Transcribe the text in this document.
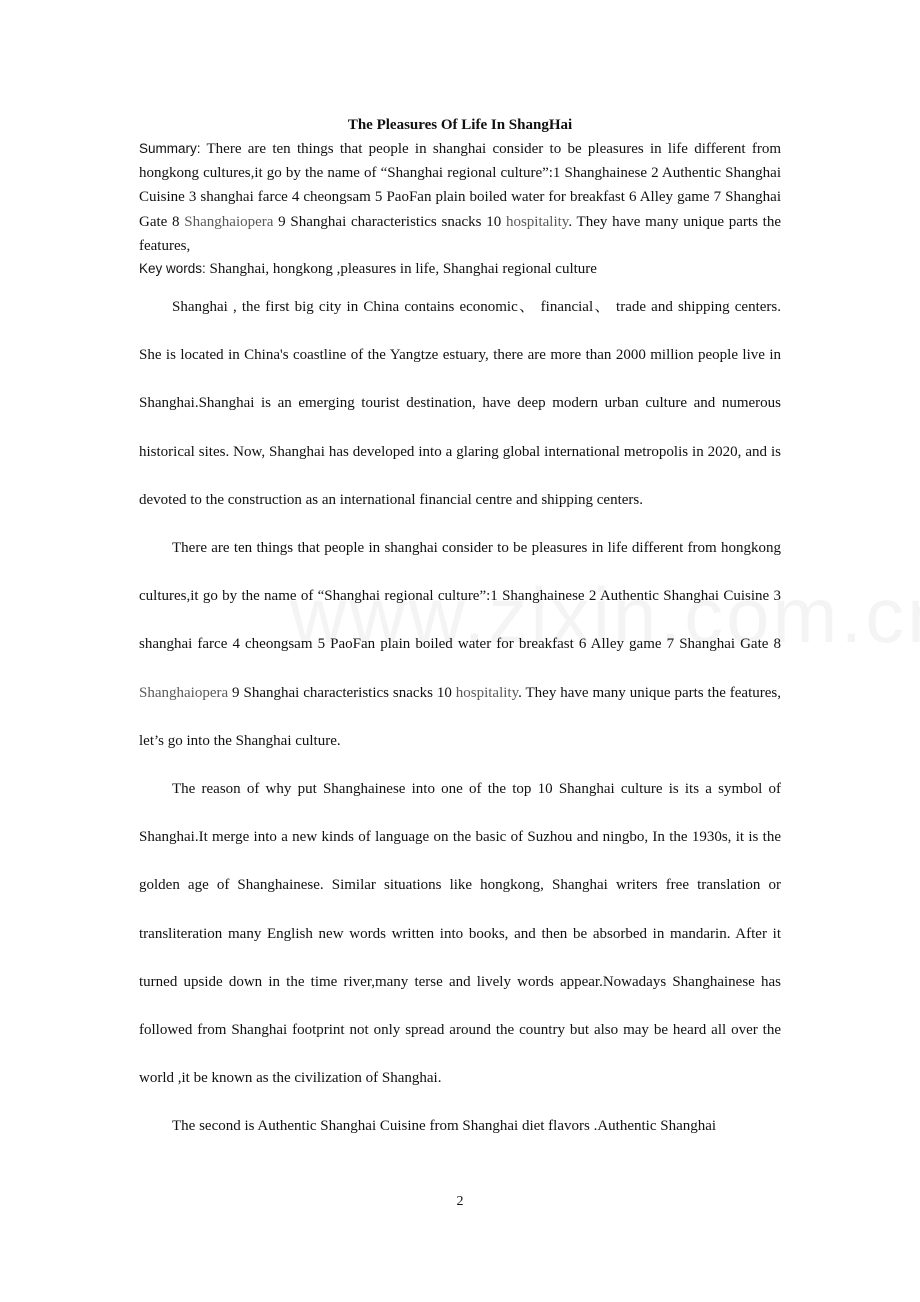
The Pleasures Of Life In ShangHai
Summary: There are ten things that people in shanghai consider to be pleasures in life different from hongkong cultures,it go by the name of “Shanghai regional culture”:1 Shanghainese 2 Authentic Shanghai Cuisine 3 shanghai farce 4 cheongsam 5 PaoFan plain boiled water for breakfast 6 Alley game 7 Shanghai Gate 8 Shanghaiopera 9 Shanghai characteristics snacks 10 hospitality. They have many unique parts the features,
Key words: Shanghai, hongkong ,pleasures in life, Shanghai regional culture

Shanghai , the first big city in China contains economic、 financial、 trade and shipping centers. She is located in China's coastline of the Yangtze estuary, there are more than 2000 million people live in Shanghai.Shanghai is an emerging tourist destination, have deep modern urban culture and numerous historical sites. Now, Shanghai has developed into a glaring global international metropolis in 2020, and is devoted to the construction as an international financial centre and shipping centers.

There are ten things that people in shanghai consider to be pleasures in life different from hongkong cultures,it go by the name of “Shanghai regional culture”:1 Shanghainese 2 Authentic Shanghai Cuisine 3 shanghai farce 4 cheongsam 5 PaoFan plain boiled water for breakfast 6 Alley game 7 Shanghai Gate 8 Shanghaiopera 9 Shanghai characteristics snacks 10 hospitality. They have many unique parts the features, let’s go into the Shanghai culture.

The reason of why put Shanghainese into one of the top 10 Shanghai culture is its a symbol of Shanghai.It merge into a new kinds of language on the basic of Suzhou and ningbo, In the 1930s, it is the golden age of Shanghainese. Similar situations like hongkong, Shanghai writers free translation or transliteration many English new words written into books, and then be absorbed in mandarin. After it turned upside down in the time river,many terse and lively words appear.Nowadays Shanghainese has followed from Shanghai footprint not only spread around the country but also may be heard all over the world ,it be known as the civilization of Shanghai.

The second is Authentic Shanghai Cuisine from Shanghai diet flavors .Authentic Shanghai

2
